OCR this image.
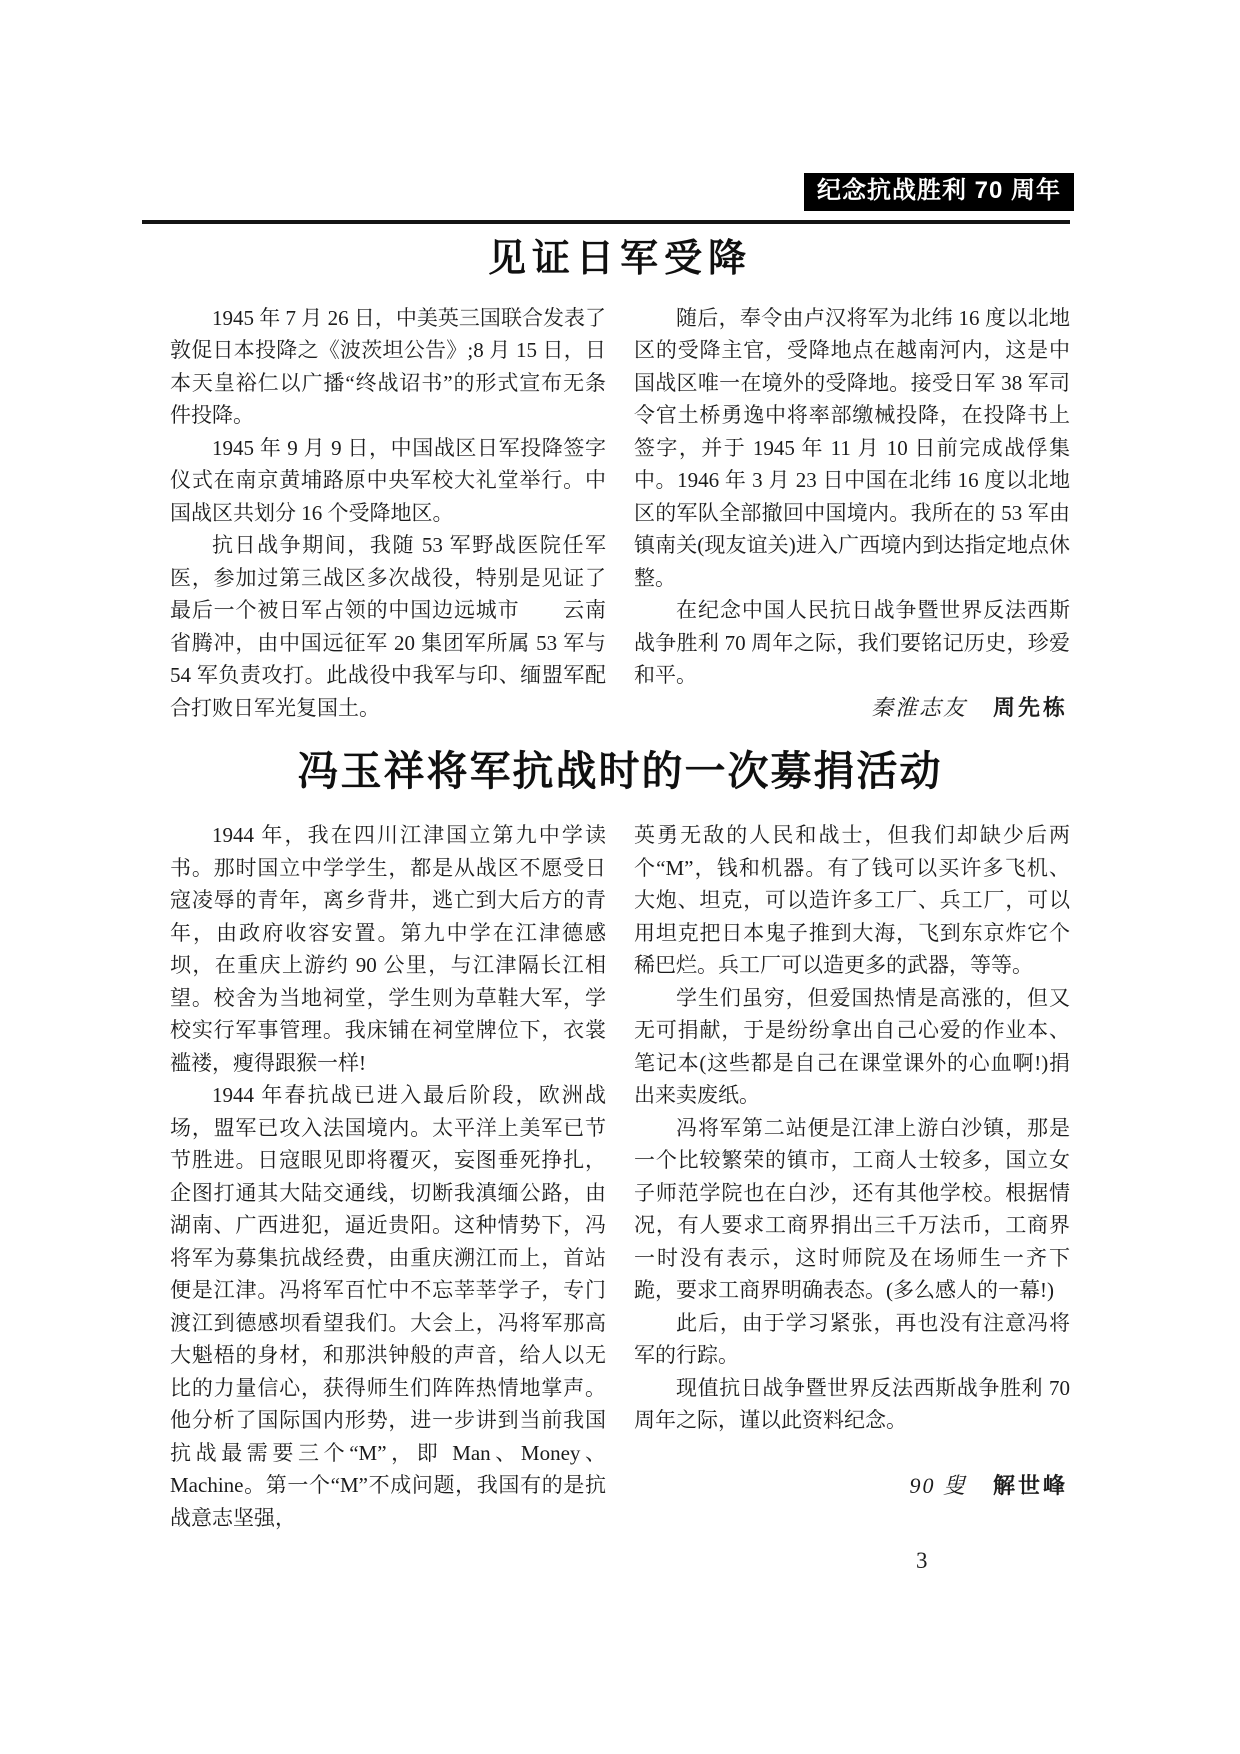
纪念抗战胜利 70 周年
见证日军受降

1945 年 7 月 26 日，中美英三国联合发表了敦促日本投降之《波茨坦公告》;8 月 15 日，日本天皇裕仁以广播“终战诏书”的形式宣布无条件投降。

1945 年 9 月 9 日，中国战区日军投降签字仪式在南京黄埔路原中央军校大礼堂举行。中国战区共划分 16 个受降地区。

抗日战争期间，我随 53 军野战医院任军医，参加过第三战区多次战役，特别是见证了最后一个被日军占领的中国边远城市　　云南省腾冲，由中国远征军 20 集团军所属 53 军与 54 军负责攻打。此战役中我军与印、缅盟军配合打败日军光复国土。

随后，奉令由卢汉将军为北纬 16 度以北地区的受降主官，受降地点在越南河内，这是中国战区唯一在境外的受降地。接受日军 38 军司令官土桥勇逸中将率部缴械投降，在投降书上签字，并于 1945 年 11 月 10 日前完成战俘集中。1946 年 3 月 23 日中国在北纬 16 度以北地区的军队全部撤回中国境内。我所在的 53 军由镇南关(现友谊关)进入广西境内到达指定地点休整。

在纪念中国人民抗日战争暨世界反法西斯战争胜利 70 周年之际，我们要铭记历史，珍爱和平。

秦淮志友 周先栋
冯玉祥将军抗战时的一次募捐活动

1944 年，我在四川江津国立第九中学读书。那时国立中学学生，都是从战区不愿受日寇凌辱的青年，离乡背井，逃亡到大后方的青年，由政府收容安置。第九中学在江津德感坝，在重庆上游约 90 公里，与江津隔长江相望。校舍为当地祠堂，学生则为草鞋大军，学校实行军事管理。我床铺在祠堂牌位下，衣裳褴褛，瘦得跟猴一样!

1944 年春抗战已进入最后阶段，欧洲战场，盟军已攻入法国境内。太平洋上美军已节节胜进。日寇眼见即将覆灭，妄图垂死挣扎，企图打通其大陆交通线，切断我滇缅公路，由湖南、广西进犯，逼近贵阳。这种情势下，冯将军为募集抗战经费，由重庆溯江而上，首站便是江津。冯将军百忙中不忘莘莘学子，专门渡江到德感坝看望我们。大会上，冯将军那高大魁梧的身材，和那洪钟般的声音，给人以无比的力量信心，获得师生们阵阵热情地掌声。他分析了国际国内形势，进一步讲到当前我国抗战最需要三个“M”，即 Man、Money、Machine。第一个“M”不成问题，我国有的是抗战意志坚强，

英勇无敌的人民和战士，但我们却缺少后两个“M”，钱和机器。有了钱可以买许多飞机、大炮、坦克，可以造许多工厂、兵工厂，可以用坦克把日本鬼子推到大海，飞到东京炸它个稀巴烂。兵工厂可以造更多的武器，等等。

学生们虽穷，但爱国热情是高涨的，但又无可捐献，于是纷纷拿出自己心爱的作业本、笔记本(这些都是自己在课堂课外的心血啊!)捐出来卖废纸。

冯将军第二站便是江津上游白沙镇，那是一个比较繁荣的镇市，工商人士较多，国立女子师范学院也在白沙，还有其他学校。根据情况，有人要求工商界捐出三千万法币，工商界一时没有表示，这时师院及在场师生一齐下跪，要求工商界明确表态。(多么感人的一幕!)

此后，由于学习紧张，再也没有注意冯将军的行踪。

现值抗日战争暨世界反法西斯战争胜利 70 周年之际，谨以此资料纪念。

90 叟 解世峰
3
